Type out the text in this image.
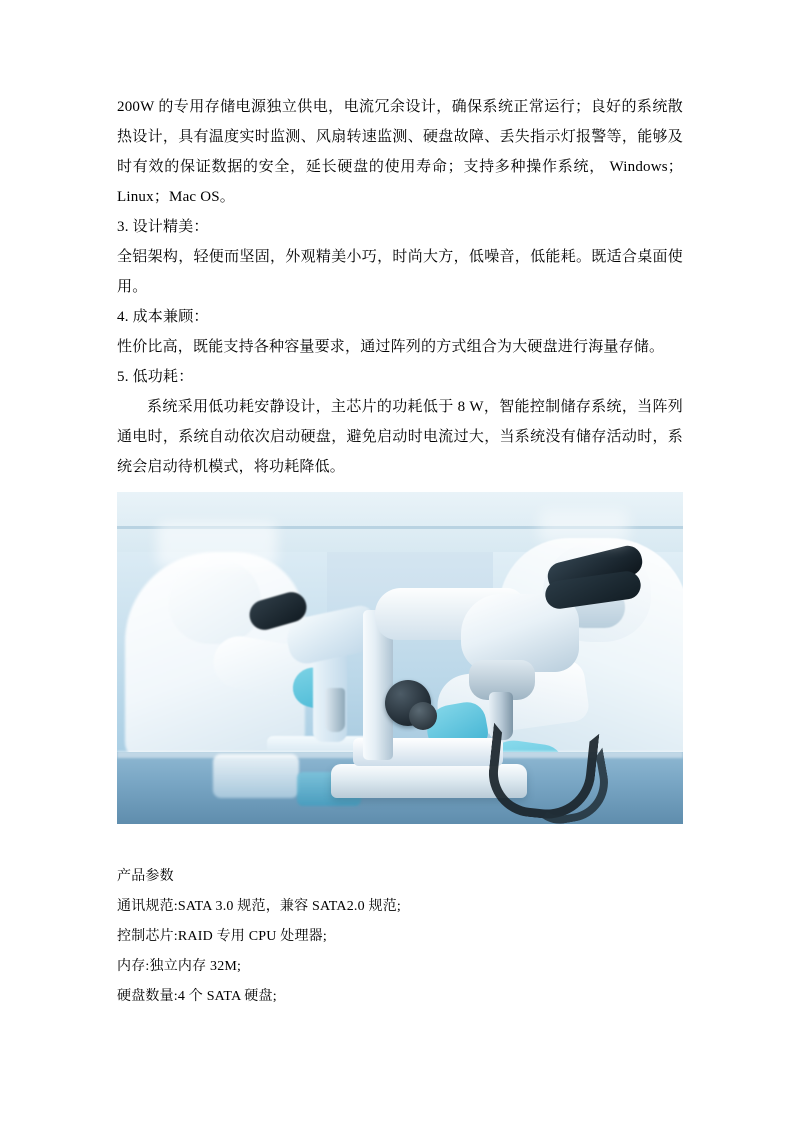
200W 的专用存储电源独立供电，电流冗余设计，确保系统正常运行；良好的系统散热设计，具有温度实时监测、风扇转速监测、硬盘故障、丢失指示灯报警等，能够及时有效的保证数据的安全，延长硬盘的使用寿命；支持多种操作系统， Windows；Linux；Mac OS。

3. 设计精美：

全铝架构，轻便而坚固，外观精美小巧，时尚大方，低噪音，低能耗。既适合桌面使用。

4. 成本兼顾：

性价比高，既能支持各种容量要求，通过阵列的方式组合为大硬盘进行海量存储。

5. 低功耗：

系统采用低功耗安静设计，主芯片的功耗低于 8 W，智能控制储存系统，当阵列通电时，系统自动依次启动硬盘，避免启动时电流过大，当系统没有储存活动时，系统会启动待机模式，将功耗降低。

产品参数

通讯规范:SATA 3.0 规范，兼容 SATA2.0 规范;

控制芯片:RAID 专用 CPU 处理器;

内存:独立内存 32M;

硬盘数量:4 个 SATA 硬盘;
